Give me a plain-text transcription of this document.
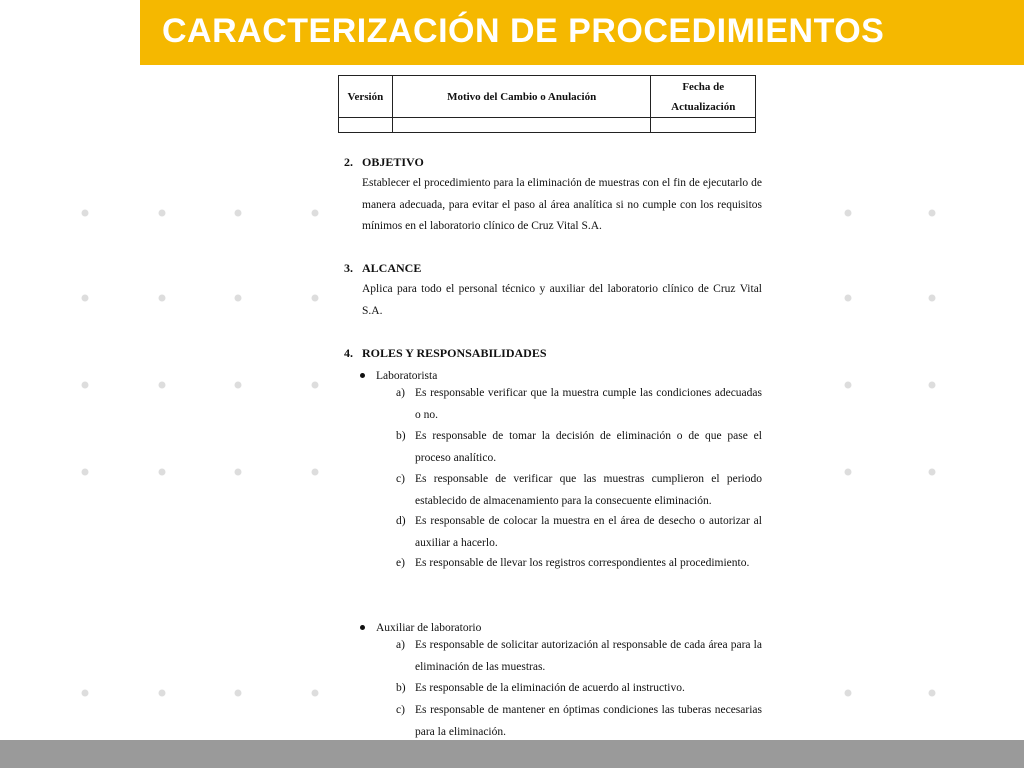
CARACTERIZACIÓN DE PROCEDIMIENTOS
Versión	Motivo del Cambio o Anulación	Fecha de Actualización

2. OBJETIVO

Establecer el procedimiento para la eliminación de muestras con el fin de ejecutarlo de manera adecuada, para evitar el paso al área analítica si no cumple con los requisitos mínimos en el laboratorio clínico de Cruz Vital S.A.

3. ALCANCE

Aplica para todo el personal técnico y auxiliar del laboratorio clínico de Cruz Vital S.A.

4. ROLES Y RESPONSABILIDADES
Laboratorista
a) Es responsable verificar que la muestra cumple las condiciones adecuadas o no.
b) Es responsable de tomar la decisión de eliminación o de que pase el proceso analítico.
c) Es responsable de verificar que las muestras cumplieron el periodo establecido de almacenamiento para la consecuente eliminación.
d) Es responsable de colocar la muestra en el área de desecho o autorizar al auxiliar a hacerlo.
e) Es responsable de llevar los registros correspondientes al procedimiento.
Auxiliar de laboratorio
a) Es responsable de solicitar autorización al responsable de cada área para la eliminación de las muestras.
b) Es responsable de la eliminación de acuerdo al instructivo.
c) Es responsable de mantener en óptimas condiciones las tuberas necesarias para la eliminación.
